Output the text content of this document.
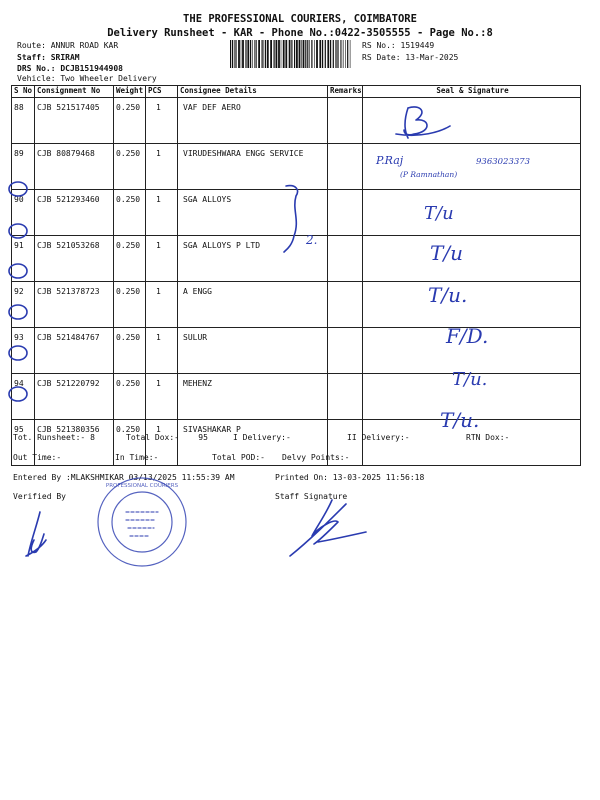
THE PROFESSIONAL COURIERS, COIMBATORE
Delivery Runsheet - KAR - Phone No.:0422-3505555 - Page No.:8
Route: ANNUR ROAD KAR
Staff: SRIRAM
DRS No.: DCJB151944908
Vehicle: Two Wheeler Delivery
RS No.: 1519449
RS Date: 13-Mar-2025
S No	Consignment No	Weight	PCS	Consignee Details	Remarks	Seal & Signature
88	CJB 521517405	0.250	1	VAF DEF AERO		
89	CJB 80879468	0.250	1	VIRUDESHWARA ENGG SERVICE		
90	CJB 521293460	0.250	1	SGA ALLOYS		
91	CJB 521053268	0.250	1	SGA ALLOYS P LTD		
92	CJB 521378723	0.250	1	A ENGG		
93	CJB 521484767	0.250	1	SULUR		
94	CJB 521220792	0.250	1	MEHENZ		
95	CJB 521380356	0.250	1	SIVASHAKAR P		
Tot. Runsheet:- 8	Total Dox:-    95	I Delivery:-	II Delivery:-	RTN Dox:-
Out Time:-	In Time:-	Total POD:- Delvy Points:-
Entered By :MLAKSHMIKAR 03/13/2025 11:55:39 AM	Printed On: 13-03-2025 11:56:18
Verified By	Staff Signature
P.Raj
(P Ramnathan)
9363023373
2.
T/u
T/u
T/u.
F/D.
T/u.
T/u.
PROFESSIONAL COURIERS
